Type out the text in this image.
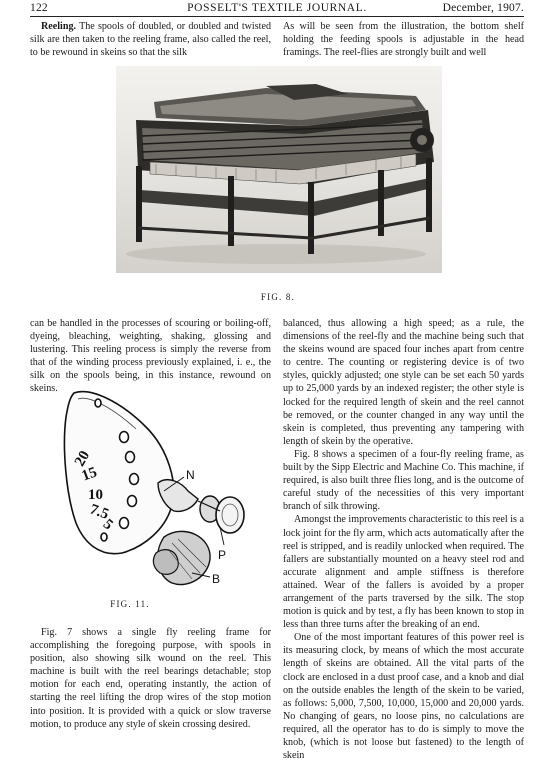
122	POSSELT'S TEXTILE JOURNAL.	December, 1907.

Reeling. The spools of doubled, or doubled and twisted silk are then taken to the reeling frame, also called the reel, to be rewound in skeins so that the silk

As will be seen from the illustration, the bottom shelf holding the feeding spools is adjustable in the head framings. The reel-flies are strongly built and well

FIG. 8.

can be handled in the processes of scouring or boiling-off, dyeing, bleaching, weighting, shaking, glossing and lustering. This reeling process is simply the reverse from that of the winding process previously explained, i. e., the silk on the spools being, in this instance, rewound on skeins.

20
15
10
7.5
5
N
P
B
FIG. 11.

Fig. 7 shows a single fly reeling frame for accomplishing the foregoing purpose, with spools in position, also showing silk wound on the reel. This machine is built with the reel bearings detachable; stop motion for each end, operating instantly, the action of starting the reel lifting the drop wires of the stop motion into position. It is provided with a quick or slow traverse motion, to produce any style of skein crossing desired.

balanced, thus allowing a high speed; as a rule, the dimensions of the reel-fly and the machine being such that the skeins wound are spaced four inches apart from centre to centre. The counting or registering device is of two styles, quickly adjusted; one style can be set each 50 yards up to 25,000 yards by an indexed register; the other style is locked for the required length of skein and the reel cannot be removed, or the counter changed in any way until the skein is completed, thus preventing any tampering with length of skein by the operative.

Fig. 8 shows a specimen of a four-fly reeling frame, as built by the Sipp Electric and Machine Co. This machine, if required, is also built three flies long, and is the outcome of careful study of the necessities of this very important branch of silk throwing.

Amongst the improvements characteristic to this reel is a lock joint for the fly arm, which acts automatically after the reel is stripped, and is readily unlocked when required. The fallers are substantially mounted on a heavy steel rod and accurate alignment and ample stiffness is therefore attained. Wear of the fallers is avoided by a proper arrangement of the parts traversed by the silk. The stop motion is quick and by test, a fly has been known to stop in less than three turns after the breaking of an end.

One of the most important features of this power reel is its measuring clock, by means of which the most accurate length of skeins are obtained. All the vital parts of the clock are enclosed in a dust proof case, and a knob and dial on the outside enables the length of the skein to be varied, as follows: 5,000, 7,500, 10,000, 15,000 and 20,000 yards. No changing of gears, no loose pins, no calculations are required, all the operator has to do is simply to move the knob, (which is not loose but fastened) to the length of skein
